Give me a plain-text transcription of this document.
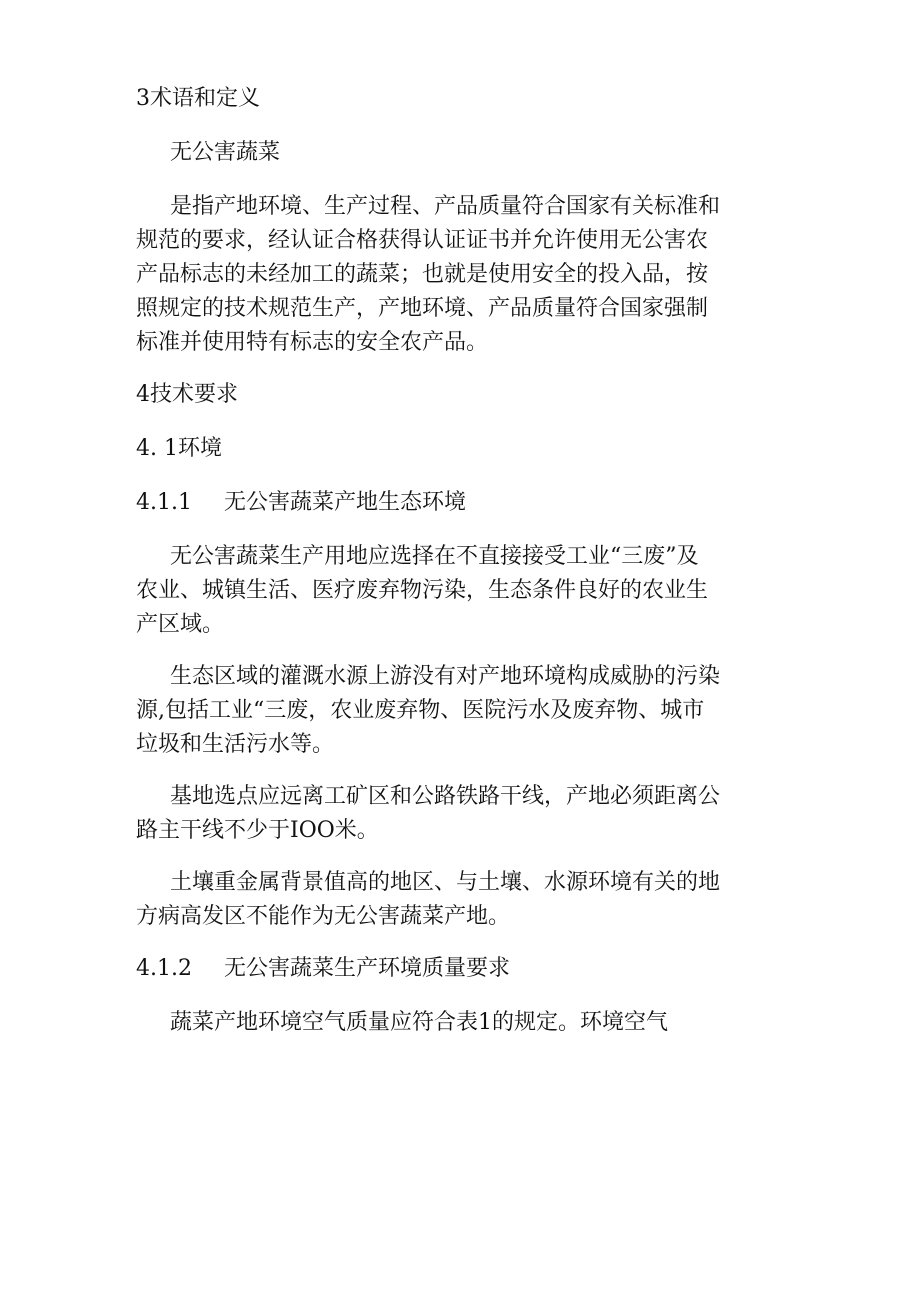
3术语和定义

无公害蔬菜

是指产地环境、生产过程、产品质量符合国家有关标准和
规范的要求，经认证合格获得认证证书并允许使用无公害农
产品标志的未经加工的蔬菜；也就是使用安全的投入品，按
照规定的技术规范生产，产地环境、产品质量符合国家强制
标准并使用特有标志的安全农产品。

4技术要求

4. 1环境

4.1.1	无公害蔬菜产地生态环境
无公害蔬菜生产用地应选择在不直接接受工业“三废”及
农业、城镇生活、医疗废弃物污染，生态条件良好的农业生
产区域。
生态区域的灌溉水源上游没有对产地环境构成威胁的污染
源,包括工业“三废，农业废弃物、医院污水及废弃物、城市
垃圾和生活污水等。
基地选点应远离工矿区和公路铁路干线，产地必须距离公
路主干线不少于IOO米。
土壤重金属背景值高的地区、与土壤、水源环境有关的地
方病高发区不能作为无公害蔬菜产地。
4.1.2	无公害蔬菜生产环境质量要求
蔬菜产地环境空气质量应符合表1的规定。环境空气
